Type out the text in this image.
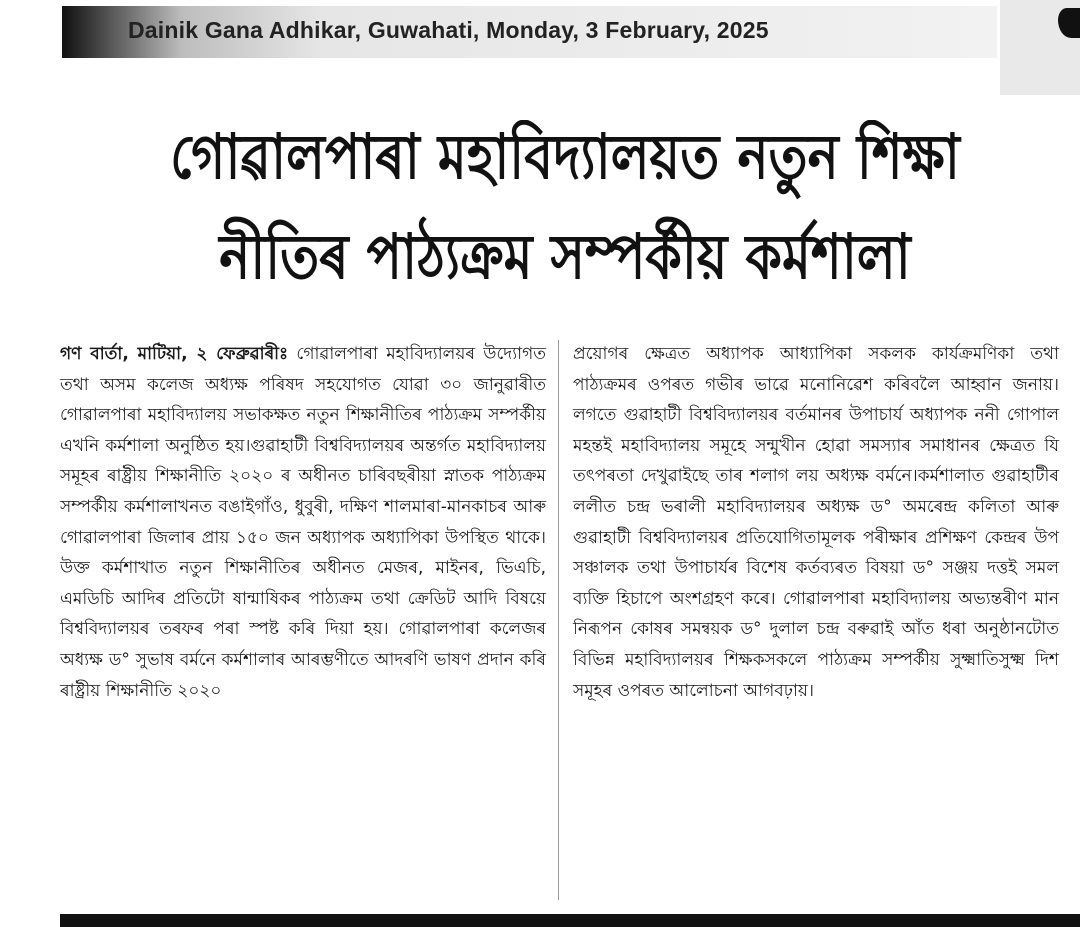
Dainik Gana Adhikar, Guwahati, Monday, 3 February, 2025
গোৱালপাৰা মহাবিদ্যালয়ত নতুন শিক্ষা
নীতিৰ পাঠ্যক্ৰম সম্পৰ্কীয় কৰ্মশালা

গণ বাৰ্তা, মাটিয়া, ২ ফেব্ৰুৱাৰীঃ গোৱালপাৰা মহাবিদ্যালয়ৰ উদ্যোগত তথা অসম কলেজ অধ্যক্ষ পৰিষদ সহযোগত যোৱা ৩০ জানুৱাৰীত গোৱালপাৰা মহাবিদ্যালয় সভাকক্ষত নতুন শিক্ষানীতিৰ পাঠ্যক্ৰম সম্পৰ্কীয় এখনি কৰ্মশালা অনুষ্ঠিত হয়।গুৱাহাটী বিশ্ববিদ্যালয়ৰ অন্তৰ্গত মহাবিদ্যালয় সমূহৰ ৰাষ্ট্ৰীয় শিক্ষানীতি ২০২০ ৰ অধীনত চাৰিবছৰীয়া স্নাতক পাঠ্যক্ৰম সম্পৰ্কীয় কৰ্মশালাখনত বঙাইগাঁও, ধুবুৰী, দক্ষিণ শালমাৰা-মানকাচৰ আৰু গোৱালপাৰা জিলাৰ প্ৰায় ১৫০ জন অধ্যাপক অধ্যাপিকা উপস্থিত থাকে। উক্ত কৰ্মশাখাত নতুন শিক্ষানীতিৰ অধীনত মেজৰ, মাইনৰ, ভিএচি, এমডিচি আদিৰ প্ৰতিটো ষান্মাষিকৰ পাঠ্যক্ৰম তথা ক্ৰেডিট আদি বিষয়ে বিশ্ববিদ্যালয়ৰ তৰফৰ পৰা স্পষ্ট কৰি দিয়া হয়। গোৱালপাৰা কলেজৰ অধ্যক্ষ ড° সুভাষ বৰ্মনে কৰ্মশালাৰ আৰম্ভণীতে আদৰণি ভাষণ প্ৰদান কৰি ৰাষ্ট্ৰীয় শিক্ষানীতি ২০২০

প্ৰয়োগৰ ক্ষেত্ৰত অধ্যাপক আধ্যাপিকা সকলক কাৰ্যক্ৰমণিকা তথা পাঠ্যক্ৰমৰ ওপৰত গভীৰ ভাৱে মনোনিৱেশ কৰিবলৈ আহ্বান জনায়।লগতে গুৱাহাটী বিশ্ববিদ্যালয়ৰ বৰ্তমানৰ উপাচাৰ্য অধ্যাপক ননী গোপাল মহন্তই মহাবিদ্যালয় সমূহে সন্মুখীন হোৱা সমস্যাৰ সমাধানৰ ক্ষেত্ৰত যি তৎপৰতা দেখুৱাইছে তাৰ শলাগ লয় অধ্যক্ষ বৰ্মনে।কৰ্মশালাত গুৱাহাটীৰ ললীত চন্দ্ৰ ভৰালী মহাবিদ্যালয়ৰ অধ্যক্ষ ড° অমৰেন্দ্ৰ কলিতা আৰু গুৱাহাটী বিশ্ববিদ্যালয়ৰ প্ৰতিযোগিতামূলক পৰীক্ষাৰ প্ৰশিক্ষণ কেন্দ্ৰৰ উপ সঞ্চালক তথা উপাচাৰ্যৰ বিশেষ কৰ্তব্যৰত বিষয়া ড° সঞ্জয় দত্তই সমল ব্যক্তি হিচাপে অংশগ্ৰহণ কৰে। গোৱালপাৰা মহাবিদ্যালয় অভ্যন্তৰীণ মান নিৰূপন কোষৰ সমন্বয়ক ড° দুলাল চন্দ্ৰ বৰুৱাই আঁত ধৰা অনুষ্ঠানটোত বিভিন্ন মহাবিদ্যালয়ৰ শিক্ষকসকলে পাঠ্যক্ৰম সম্পৰ্কীয় সুক্ষ্মাতিসুক্ষ্ম দিশ সমূহৰ ওপৰত আলোচনা আগবঢ়ায়।
